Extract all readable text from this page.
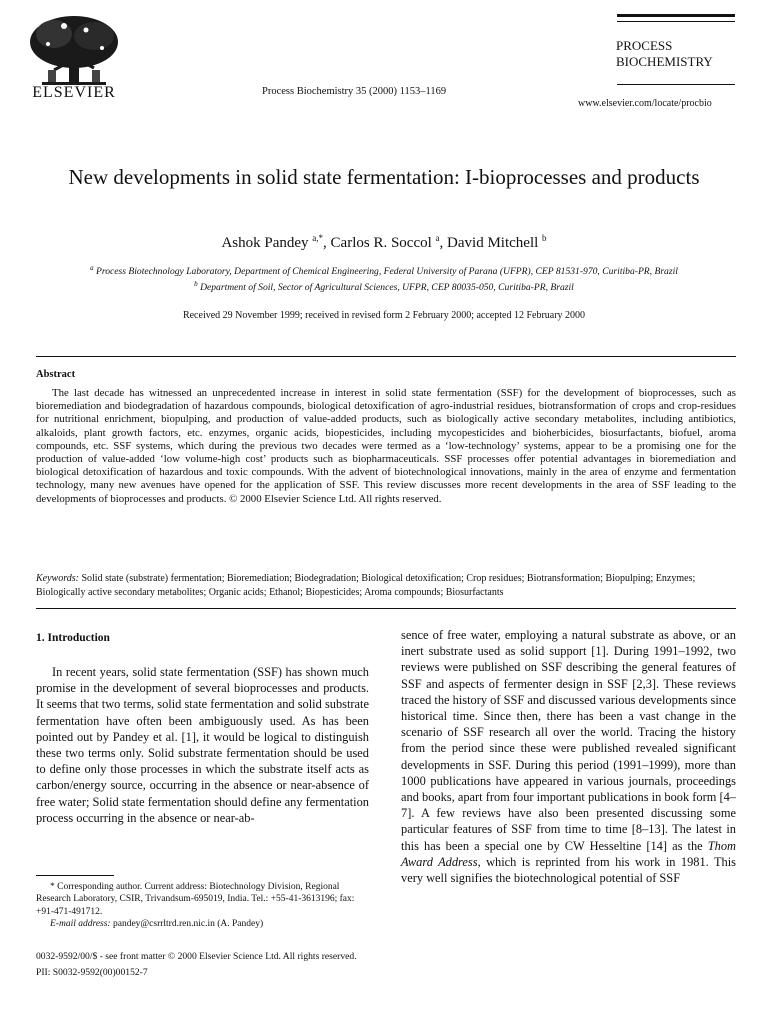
ELSEVIER	Process Biochemistry 35 (2000) 1153–1169
PROCESS
BIOCHEMISTRY
www.elsevier.com/locate/procbio
New developments in solid state fermentation: I-bioprocesses and products
Ashok Pandey $^{a,*}$, Carlos R. Soccol $^a$, David Mitchell $^b$
$^a$ Process Biotechnology Laboratory, Department of Chemical Engineering, Federal University of Parana (UFPR), CEP 81531-970, Curitiba-PR, Brazil
$^b$ Department of Soil, Sector of Agricultural Sciences, UFPR, CEP 80035-050, Curitiba-PR, Brazil
Received 29 November 1999; received in revised form 2 February 2000; accepted 12 February 2000
Abstract

The last decade has witnessed an unprecedented increase in interest in solid state fermentation (SSF) for the development of bioprocesses, such as bioremediation and biodegradation of hazardous compounds, biological detoxification of agro-industrial residues, biotransformation of crops and crop-residues for nutritional enrichment, biopulping, and production of value-added products, such as biologically active secondary metabolites, including antibiotics, alkaloids, plant growth factors, etc. enzymes, organic acids, biopesticides, including mycopesticides and bioherbicides, biosurfactants, biofuel, aroma compounds, etc. SSF systems, which during the previous two decades were termed as a ‘low-technology’ systems, appear to be a promising one for the production of value-added ‘low volume-high cost’ products such as biopharmaceuticals. SSF processes offer potential advantages in bioremediation and biological detoxification of hazardous and toxic compounds. With the advent of biotechnological innovations, mainly in the area of enzyme and fermentation technology, many new avenues have opened for the application of SSF. This review discusses more recent developments in the area of SSF leading to the developments of bioprocesses and products. © 2000 Elsevier Science Ltd. All rights reserved.

Keywords: Solid state (substrate) fermentation; Bioremediation; Biodegradation; Biological detoxification; Crop residues; Biotransformation; Biopulping; Enzymes; Biologically active secondary metabolites; Organic acids; Ethanol; Biopesticides; Aroma compounds; Biosurfactants

1. Introduction

In recent years, solid state fermentation (SSF) has shown much promise in the development of several bioprocesses and products. It seems that two terms, solid state fermentation and solid substrate fermentation have often been ambiguously used. As has been pointed out by Pandey et al. [1], it would be logical to distinguish these two terms only. Solid substrate fermentation should be used to define only those processes in which the substrate itself acts as carbon/energy source, occurring in the absence or near-absence of free water; Solid state fermentation should define any fermentation process occurring in the absence or near-ab-

sence of free water, employing a natural substrate as above, or an inert substrate used as solid support [1]. During 1991–1992, two reviews were published on SSF describing the general features of SSF and aspects of fermenter design in SSF [2,3]. These reviews traced the history of SSF and discussed various developments since historical time. Since then, there has been a vast change in the scenario of SSF research all over the world. Tracing the history from the period since these were published revealed significant developments in SSF. During this period (1991–1999), more than 1000 publications have appeared in various journals, proceedings and books, apart from four important publications in book form [4–7]. A few reviews have also been presented discussing some particular features of SSF from time to time [8–13]. The latest in this has been a special one by CW Hesseltine [14] as the Thom Award Address, which is reprinted from his work in 1981. This very well signifies the biotechnological potential of SSF

* Corresponding author. Current address: Biotechnology Division, Regional Research Laboratory, CSIR, Trivandsum-695019, India. Tel.: +55-41-3613196; fax: +91-471-491712.
E-mail address: pandey@csrrltrd.ren.nic.in (A. Pandey)

0032-9592/00/$ - see front matter © 2000 Elsevier Science Ltd. All rights reserved.
PII: S0032-9592(00)00152-7
